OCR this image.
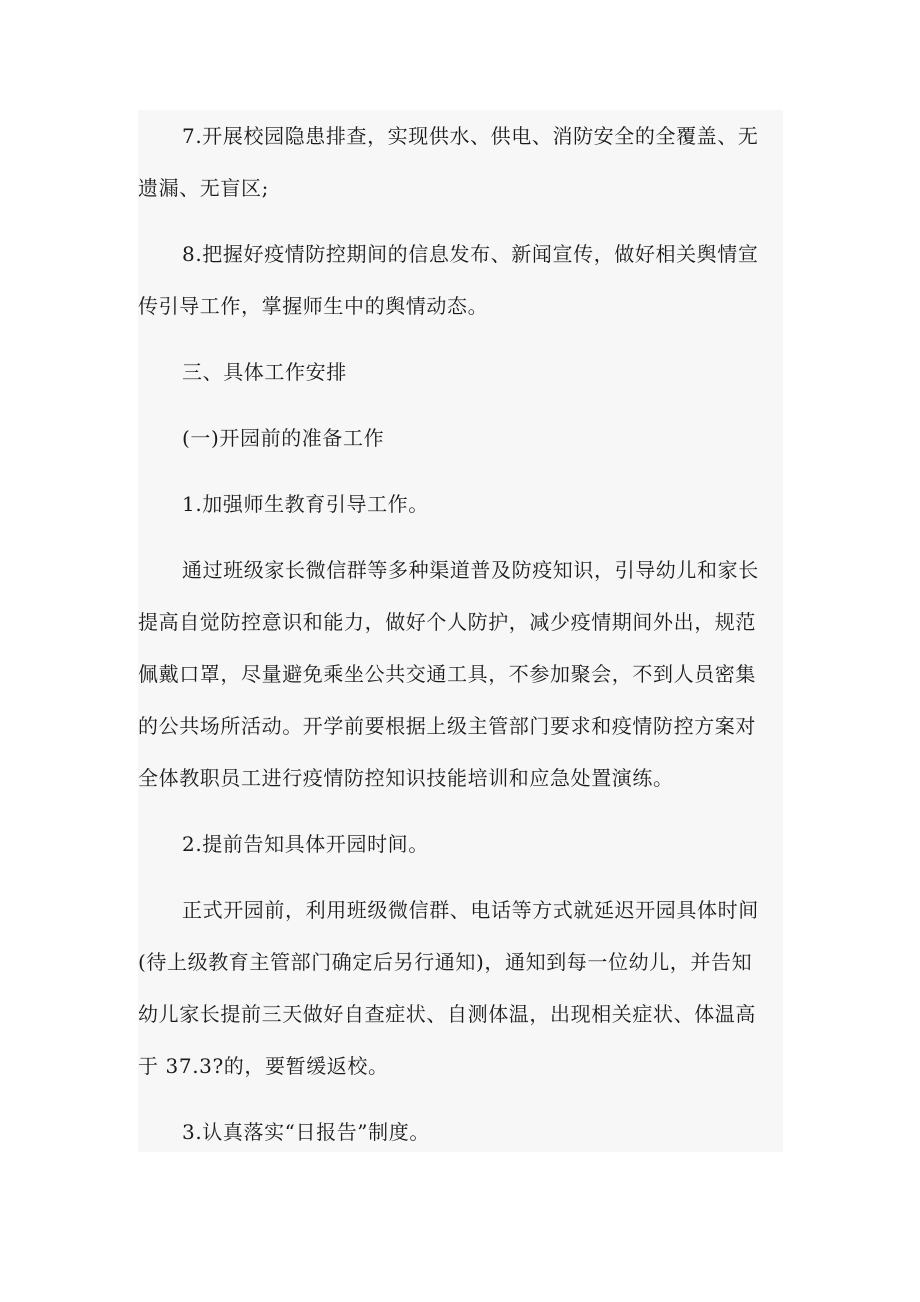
7.开展校园隐患排查，实现供水、供电、消防安全的全覆盖、无
遗漏、无盲区;

8.把握好疫情防控期间的信息发布、新闻宣传，做好相关舆情宣
传引导工作，掌握师生中的舆情动态。

三、具体工作安排

(一)开园前的准备工作

1.加强师生教育引导工作。

通过班级家长微信群等多种渠道普及防疫知识，引导幼儿和家长
提高自觉防控意识和能力，做好个人防护，减少疫情期间外出，规范
佩戴口罩，尽量避免乘坐公共交通工具，不参加聚会，不到人员密集
的公共场所活动。开学前要根据上级主管部门要求和疫情防控方案对
全体教职员工进行疫情防控知识技能培训和应急处置演练。

2.提前告知具体开园时间。

正式开园前，利用班级微信群、电话等方式就延迟开园具体时间
(待上级教育主管部门确定后另行通知)，通知到每一位幼儿，并告知
幼儿家长提前三天做好自查症状、自测体温，出现相关症状、体温高
于 37.3?的，要暂缓返校。

3.认真落实“日报告”制度。
